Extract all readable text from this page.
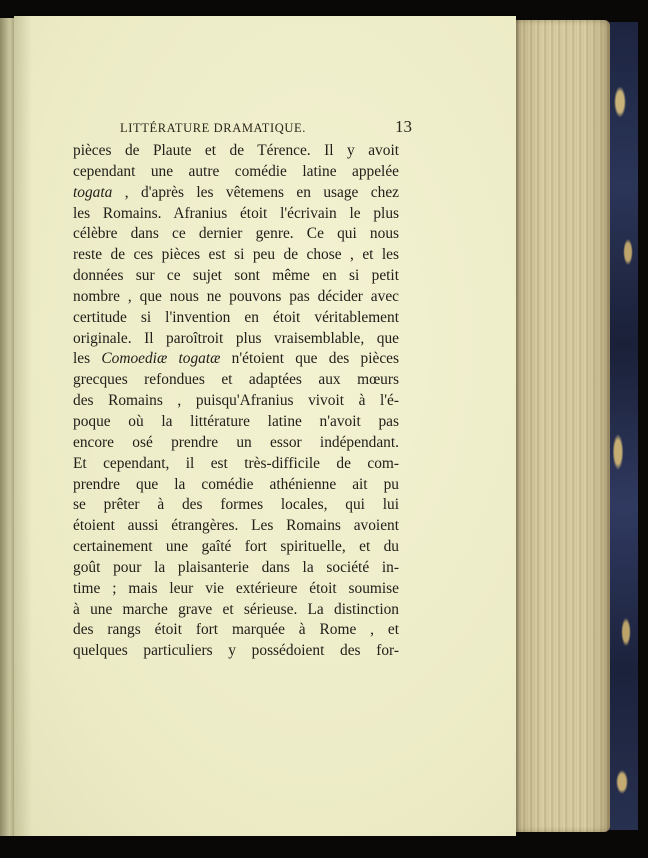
LITTÉRATURE DRAMATIQUE.	13
pièces de Plaute et de Térence. Il y avoit
cependant une autre comédie latine appelée
togata , d'après les vêtemens en usage chez
les Romains. Afranius étoit l'écrivain le plus
célèbre dans ce dernier genre. Ce qui nous
reste de ces pièces est si peu de chose , et les
données sur ce sujet sont même en si petit
nombre , que nous ne pouvons pas décider avec
certitude si l'invention en étoit véritablement
originale. Il paroîtroit plus vraisemblable, que
les Comoediæ togatæ n'étoient que des pièces
grecques refondues et adaptées aux mœurs
des Romains , puisqu'Afranius vivoit à l'é-
poque où la littérature latine n'avoit pas
encore osé prendre un essor indépendant.
Et cependant, il est très-difficile de com-
prendre que la comédie athénienne ait pu
se prêter à des formes locales, qui lui
étoient aussi étrangères. Les Romains avoient
certainement une gaîté fort spirituelle, et du
goût pour la plaisanterie dans la société in-
time ; mais leur vie extérieure étoit soumise
à une marche grave et sérieuse. La distinction
des rangs étoit fort marquée à Rome , et
quelques particuliers y possédoient des for-
